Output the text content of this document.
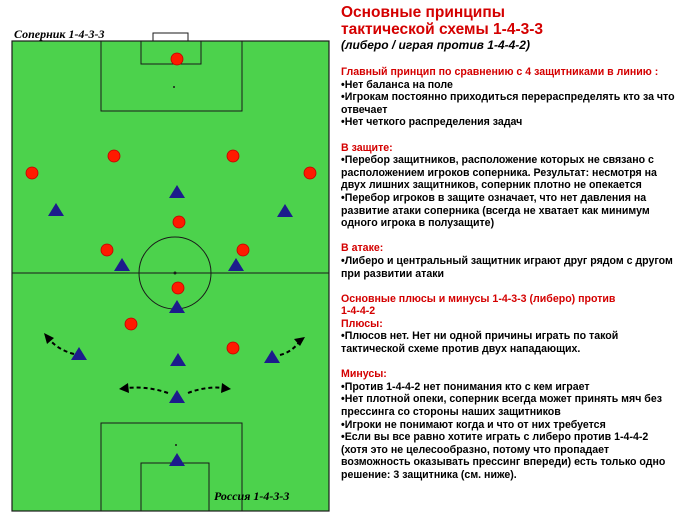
Соперник 1-4-3-3
Россия 1-4-3-3
Основные принципы
тактической схемы 1-4-3-3
(либеро / играя против 1-4-4-2)
Главный принцип по сравнению с 4 защитниками в линию :
•Нет баланса на поле
•Игрокам постоянно приходиться перераспределять кто за что
отвечает
•Нет четкого распределения задач
В защите:
•Перебор защитников, расположение которых не связано с
расположением игроков соперника. Результат: несмотря на
двух лишних защитников, соперник плотно не опекается
•Перебор игроков в защите означает, что нет давления на
развитие атаки соперника (всегда не хватает как минимум
одного игрока в полузащите)
В атаке:
•Либеро и центральный защитник играют друг рядом с другом
при развитии атаки
Основные плюсы и минусы 1-4-3-3 (либеро) против
1-4-4-2
Плюсы:
•Плюсов нет. Нет ни одной причины играть по такой
тактической схеме против двух нападающих.
Минусы:
•Против 1-4-4-2 нет понимания кто с кем играет
•Нет плотной опеки, соперник всегда может принять мяч без
прессинга со стороны наших защитников
•Игроки не понимают когда и что от них требуется
•Если вы все равно хотите играть с либеро против 1-4-4-2
(хотя это не целесообразно, потому что пропадает
возможность оказывать прессинг впереди) есть только одно
решение: 3 защитника (см. ниже).
